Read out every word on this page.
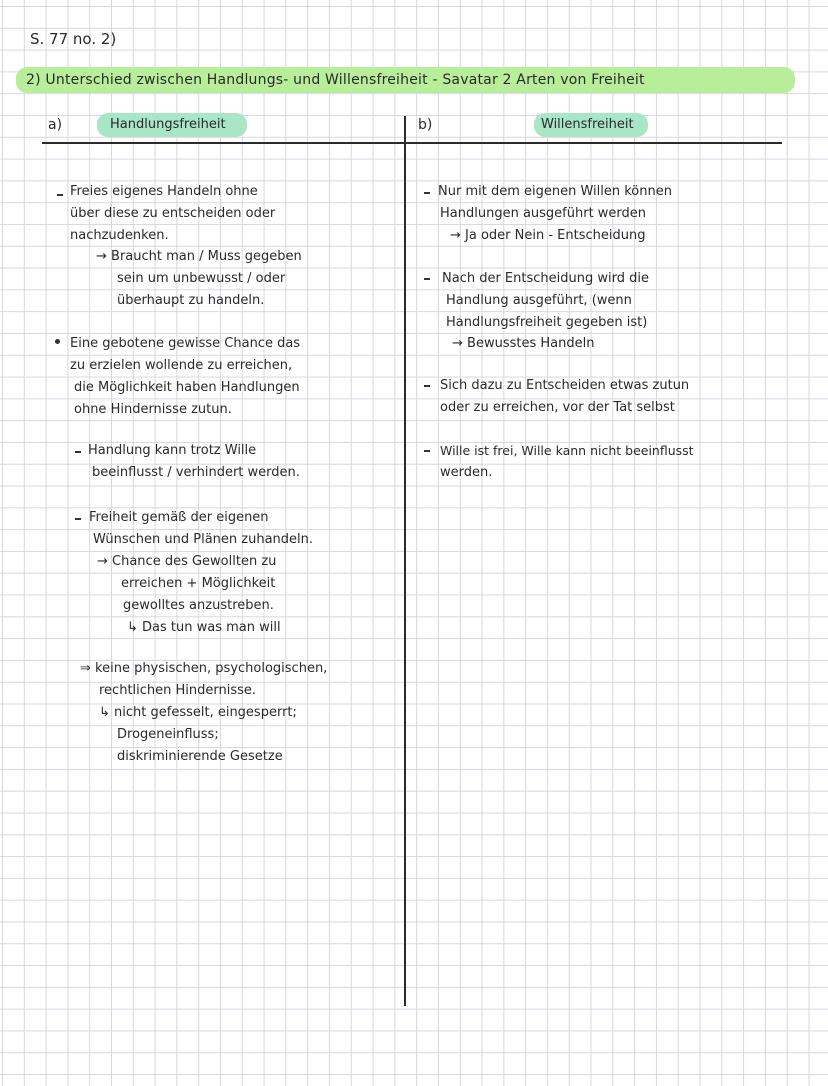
S. 77 no. 2)
2) Unterschied zwischen Handlungs- und Willensfreiheit - Savatar 2 Arten von Freiheit
a)	Handlungsfreiheit	b)	Willensfreiheit
Freies eigenes Handeln ohne
über diese zu entscheiden oder
nachzudenken.
→ Braucht man / Muss gegeben
sein um unbewusst / oder
überhaupt zu handeln.
Eine gebotene gewisse Chance das
zu erzielen wollende zu erreichen,
die Möglichkeit haben Handlungen
ohne Hindernisse zutun.
Handlung kann trotz Wille
beeinflusst / verhindert werden.
Freiheit gemäß der eigenen
Wünschen und Plänen zuhandeln.
→ Chance des Gewollten zu
erreichen + Möglichkeit
gewolltes anzustreben.
↳ Das tun was man will
⇒ keine physischen, psychologischen,
rechtlichen Hindernisse.
↳ nicht gefesselt, eingesperrt;
Drogeneinfluss;
diskriminierende Gesetze
Nur mit dem eigenen Willen können
Handlungen ausgeführt werden
→ Ja oder Nein - Entscheidung
Nach der Entscheidung wird die
Handlung ausgeführt, (wenn
Handlungsfreiheit gegeben ist)
→ Bewusstes Handeln
Sich dazu zu Entscheiden etwas zutun
oder zu erreichen, vor der Tat selbst
Wille ist frei, Wille kann nicht beeinflusst
werden.
